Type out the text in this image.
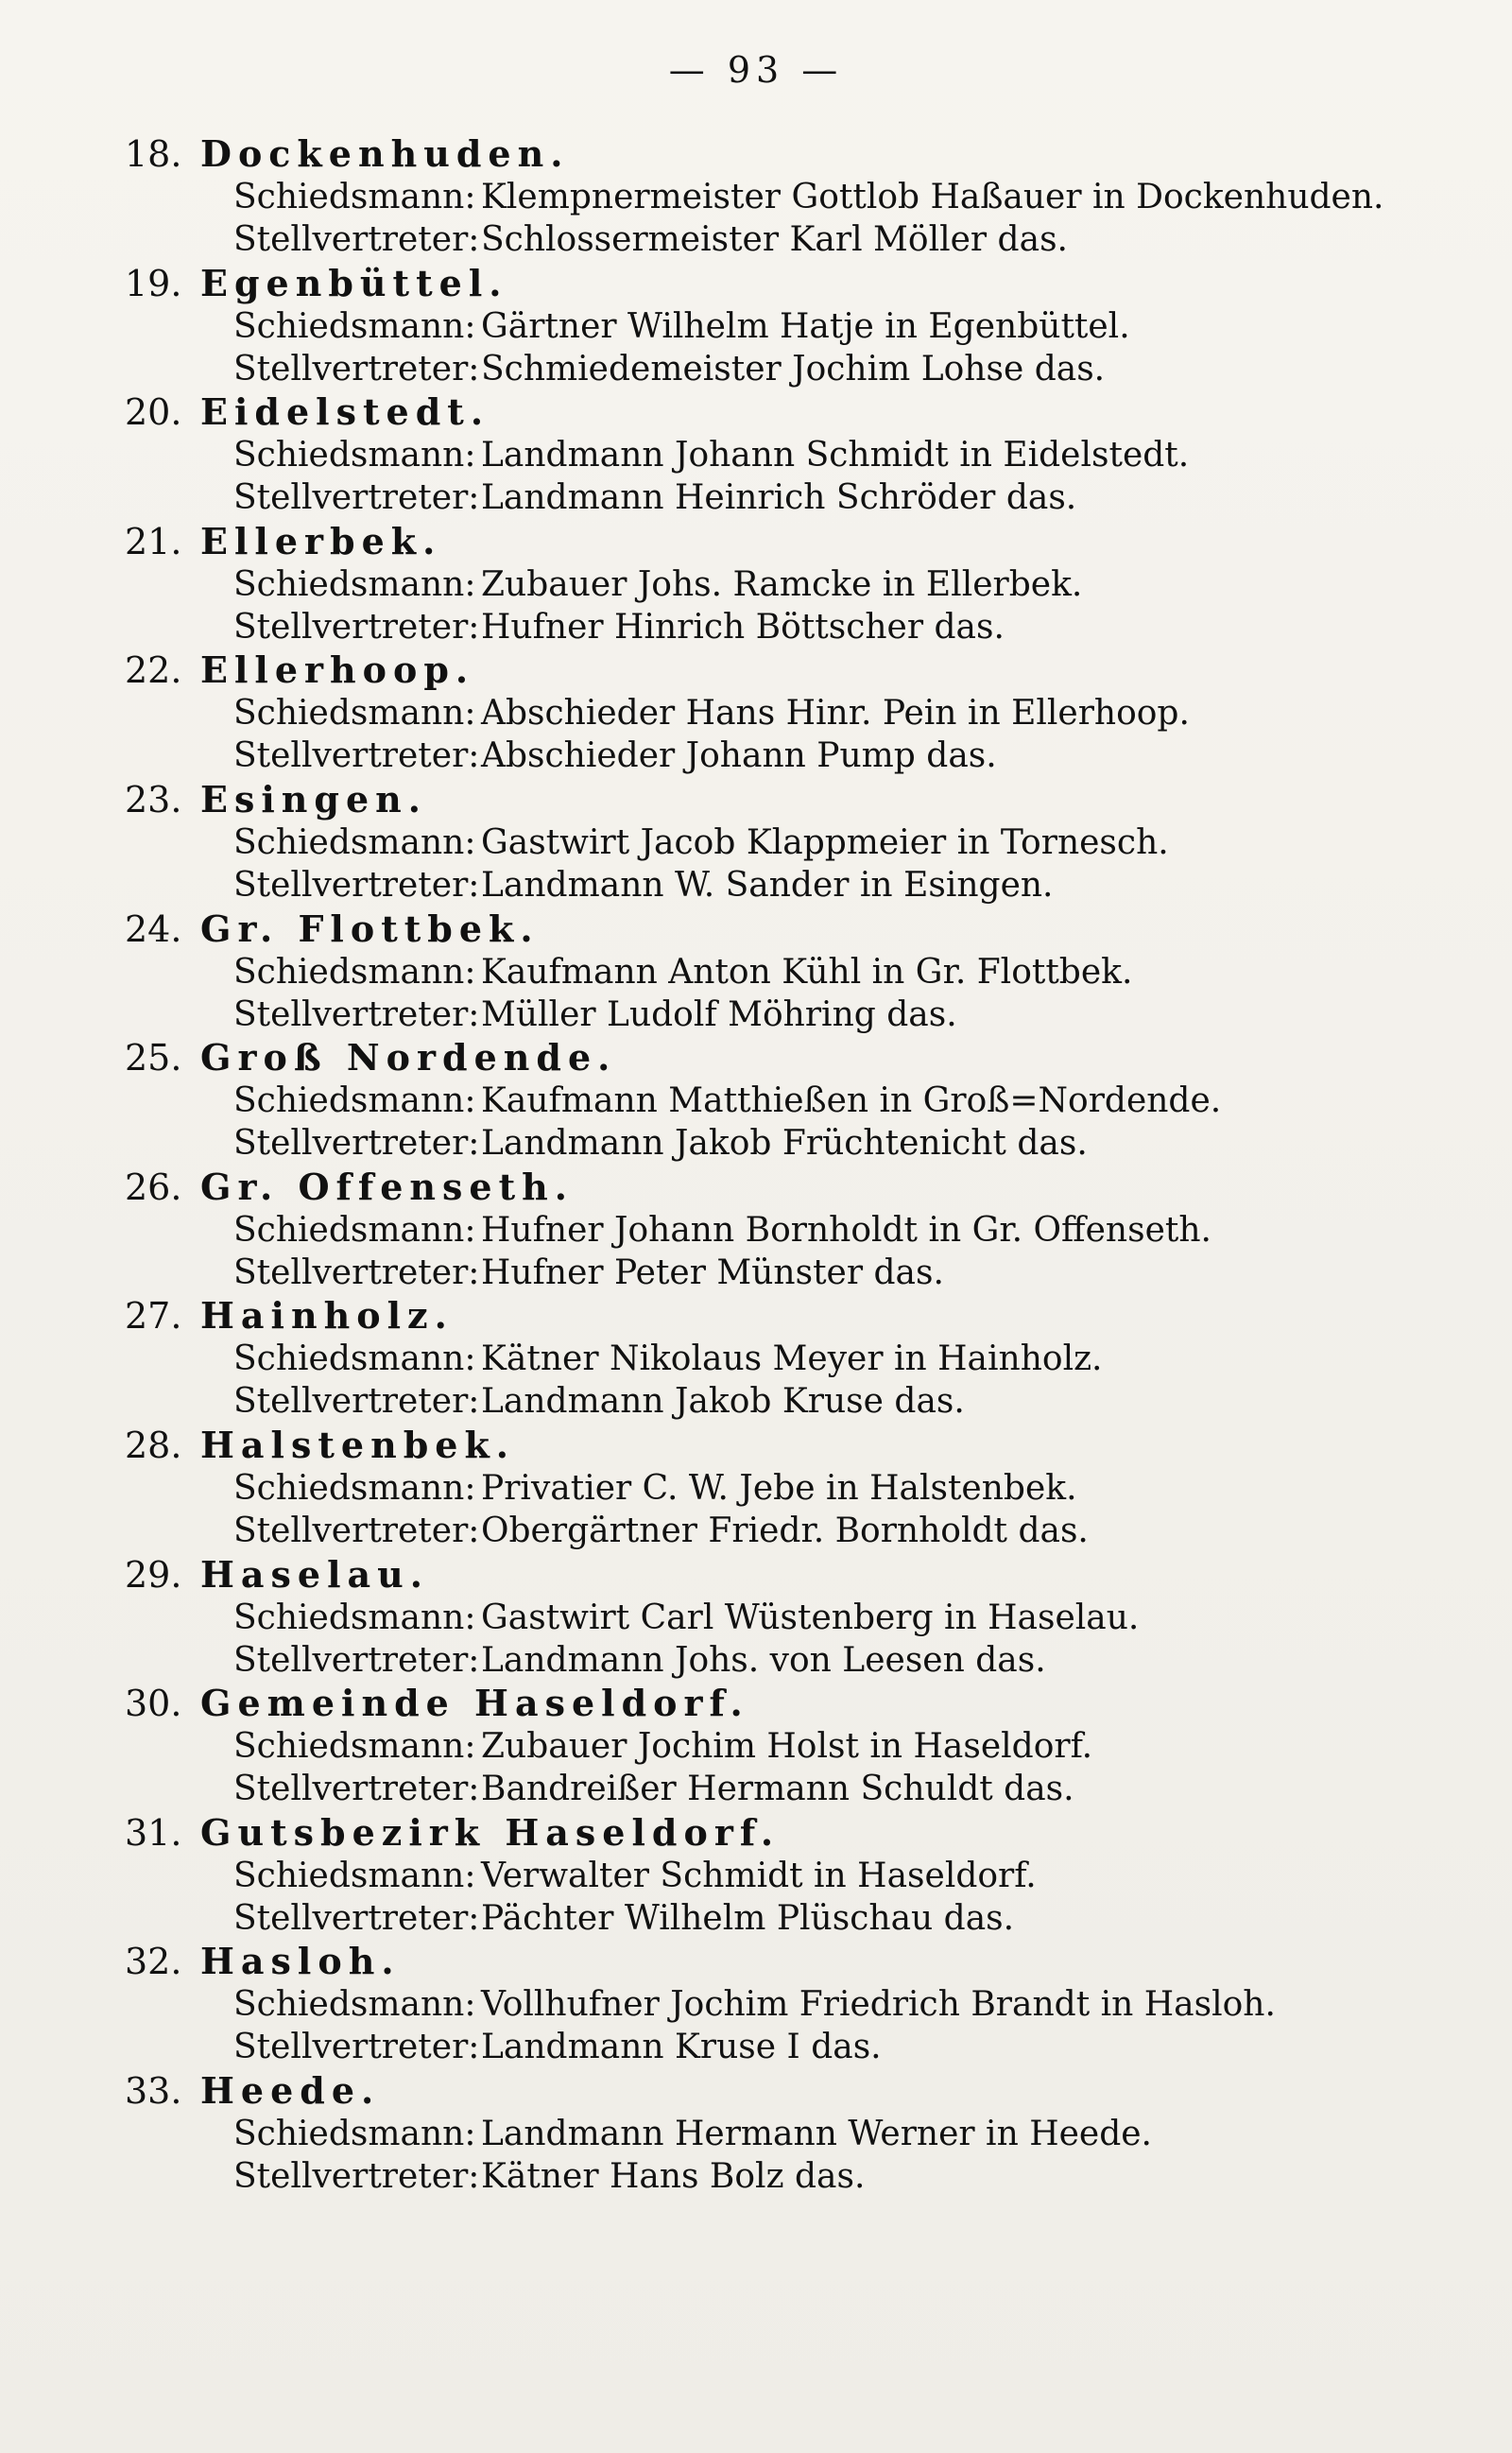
— 93 —
18. Dockenhuden.
Schiedsmann: Klempnermeister Gottlob Haßauer in Dockenhuden.
Stellvertreter:Schlossermeister Karl Möller das.
19. Egenbüttel.
Schiedsmann: Gärtner Wilhelm Hatje in Egenbüttel.
Stellvertreter:Schmiedemeister Jochim Lohse das.
20. Eidelstedt.
Schiedsmann: Landmann Johann Schmidt in Eidelstedt.
Stellvertreter:Landmann Heinrich Schröder das.
21. Ellerbek.
Schiedsmann: Zubauer Johs. Ramcke in Ellerbek.
Stellvertreter:Hufner Hinrich Böttscher das.
22. Ellerhoop.
Schiedsmann: Abschieder Hans Hinr. Pein in Ellerhoop.
Stellvertreter:Abschieder Johann Pump das.
23. Esingen.
Schiedsmann: Gastwirt Jacob Klappmeier in Tornesch.
Stellvertreter:Landmann W. Sander in Esingen.
24. Gr. Flottbek.
Schiedsmann: Kaufmann Anton Kühl in Gr. Flottbek.
Stellvertreter:Müller Ludolf Möhring das.
25. Groß Nordende.
Schiedsmann: Kaufmann Matthießen in Groß=Nordende.
Stellvertreter:Landmann Jakob Früchtenicht das.
26. Gr. Offenseth.
Schiedsmann: Hufner Johann Bornholdt in Gr. Offenseth.
Stellvertreter:Hufner Peter Münster das.
27. Hainholz.
Schiedsmann: Kätner Nikolaus Meyer in Hainholz.
Stellvertreter:Landmann Jakob Kruse das.
28. Halstenbek.
Schiedsmann: Privatier C. W. Jebe in Halstenbek.
Stellvertreter:Obergärtner Friedr. Bornholdt das.
29. Haselau.
Schiedsmann: Gastwirt Carl Wüstenberg in Haselau.
Stellvertreter:Landmann Johs. von Leesen das.
30. Gemeinde Haseldorf.
Schiedsmann: Zubauer Jochim Holst in Haseldorf.
Stellvertreter:Bandreißer Hermann Schuldt das.
31. Gutsbezirk Haseldorf.
Schiedsmann: Verwalter Schmidt in Haseldorf.
Stellvertreter:Pächter Wilhelm Plüschau das.
32. Hasloh.
Schiedsmann: Vollhufner Jochim Friedrich Brandt in Hasloh.
Stellvertreter:Landmann Kruse I das.
33. Heede.
Schiedsmann: Landmann Hermann Werner in Heede.
Stellvertreter:Kätner Hans Bolz das.
